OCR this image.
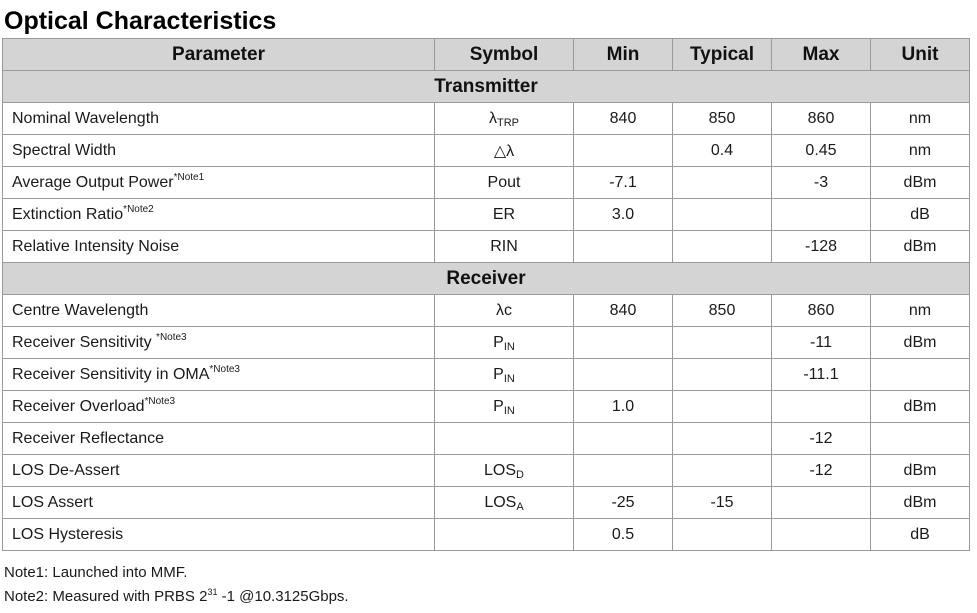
Optical Characteristics
Parameter	Symbol	Min	Typical	Max	Unit
Transmitter					
Nominal Wavelength	$\lambda_{TRP}$	840	850	860	nm
Spectral Width	△λ		0.4	0.45	nm
Average Output Power$^{*Note1}$	Pout	-7.1		-3	dBm
Extinction Ratio$^{*Note2}$	ER	3.0			dB
Relative Intensity Noise	RIN			-128	dBm
Receiver					
Centre Wavelength	λc	840	850	860	nm
Receiver Sensitivity $^{*Note3}$	$P_{IN}$			-11	dBm
Receiver Sensitivity in $OMA^{*Note3}$	$P_{IN}$			-11.1	
Receiver Overload$^{*Note3}$	$P_{IN}$	1.0			dBm
Receiver Reflectance				-12	
LOS De-Assert	$LOS_D$			-12	dBm
LOS Assert	$LOS_A$	-25	-15		dBm
LOS Hysteresis		0.5			dB

Note1: Launched into MMF.

Note2: Measured with PRBS $2^{31}$ -1 @10.3125Gbps.
